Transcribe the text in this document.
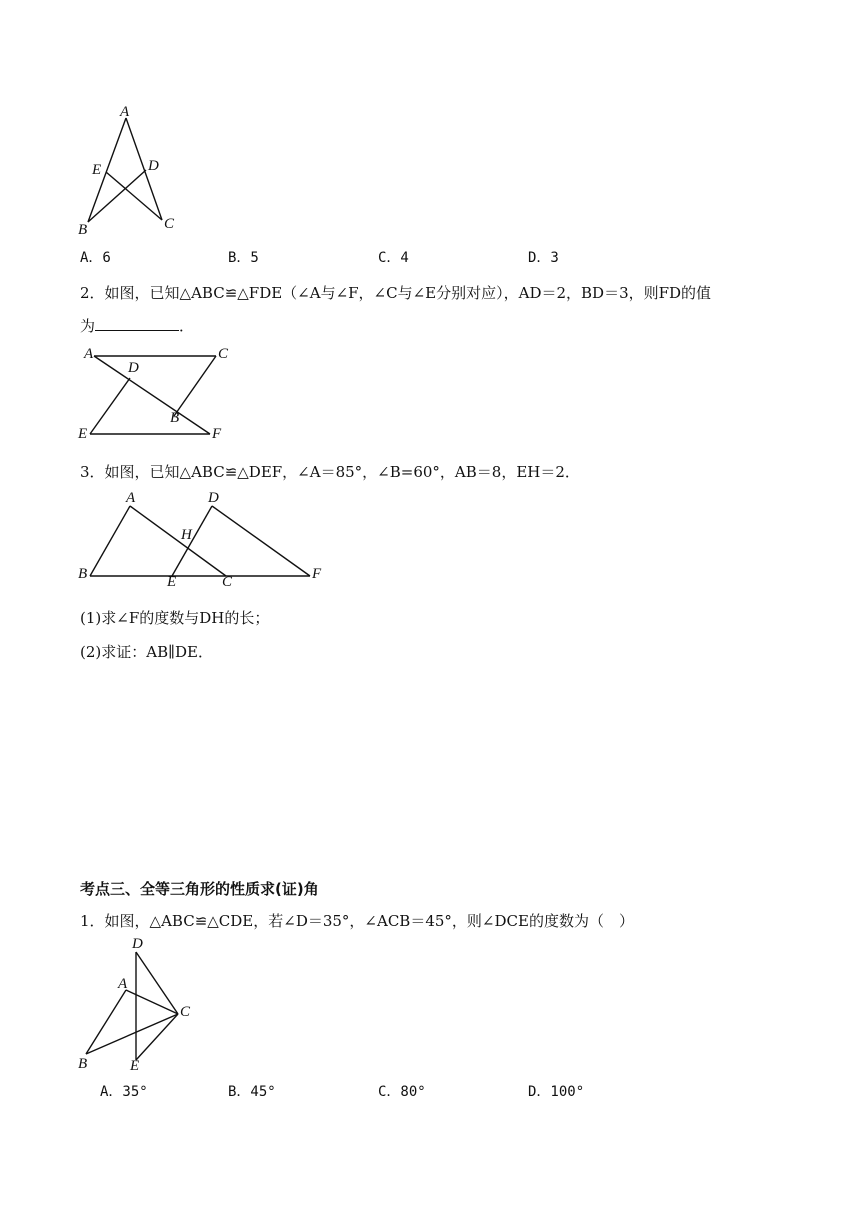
A
E	D
B	C
A．6	B．5	C．4	D．3
2．如图，已知△ABC≌△FDE（∠A与∠F，∠C与∠E分别对应），AD＝2，BD＝3，则FD的值
为	．
A	C
D
B
E	F
3．如图，已知△ABC≌△DEF，∠A＝85°，∠B=60°，AB＝8，EH＝2．
A	D
H
B	E	C	F
(1)求∠F的度数与DH的长；
(2)求证：AB∥DE．
考点三、全等三角形的性质求(证)角
1．如图，△ABC≌△CDE，若∠D＝35°，∠ACB＝45°，则∠DCE的度数为（　）
D
A
C
B	E
A．35°	B．45°	C．80°	D．100°
